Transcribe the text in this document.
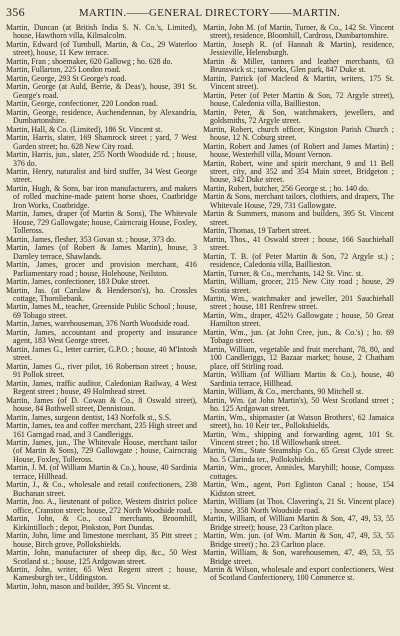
356	MARTIN.——GENERAL DIRECTORY——MARTIN.

Martin, Duncan (at British India S. N. Co.'s, Limited), house, Hawthorn villa, Kilmalcolm.

Martin, Edward (of Turnbull, Martin, & Co., 29 Waterloo street), house, 11 Kew terrace.

Martin, Fran ; shoemaker, 620 Gallowg ; ho. 628 do.

Martin, Fullarton, 225 London road.

Martin, George, 293 St George's road.

Martin, George (at Auld, Berrie, & Deas'), house, 391 St. George's road.

Martin, George, confectioner, 220 London road.

Martin, George, residence, Auchendennan, by Alexandria, Dumbartonshire.

Martin, Hall, & Co. (Limited), 186 St. Vincent st.

Martin, Harris, slater, 169 Shamrock street ; yard, 7 West Garden street; ho. 628 New City road.

Martin, Harris, jun., slater, 255 North Woodside rd. ; house, 376 do.

Martin, Henry, naturalist and bird stuffer, 34 West George street.

Martin, Hugh, & Sons, bar iron manufacturers, and makers of rolled machine-made patent horse shoes, Coatbridge Iron Works, Coatbridge.

Martin, James, draper (of Martin & Sons), The Whitevale House, 729 Gallowgate; house, Cairncraig House, Foxley, Tolleross.

Martin, James, flesher, 353 Govan st. ; house, 373 do.

Martin, James (of Robert & James Martin), house, 3 Darnley terrace, Shawlands.

Martin, James, grocer and provision merchant, 416 Parliamentary road ; house, Holehouse, Neilston.

Martin, James, confectioner, 183 Duke street.

Martin, Jas. (at Carslaw & Henderson's), ho. Crossles cottage, Thornliebank.

Martin, James M., teacher, Greenside Public School ; house, 69 Tobago street.

Martin, James, warehouseman, 376 North Woodside road.

Martin, James, accountant and property and insurance agent, 183 West George street.

Martin, James G., letter carrier, G.P.O. ; house, 40 M'Intosh street.

Martin, James G., river pilot, 16 Robertson street ; house, 91 Pollok street.

Martin, James, traffic auditor, Caledonian Railway, 4 West Regent street ; house, 49 Holmhead street.

Martin, James (of D. Cowan & Co., 8 Oswald street), house, 84 Bothwell street, Dennistoun.

Martin, James, surgeon dentist, 143 Norfolk st., S.S.

Martin, James, tea and coffee merchant, 235 High street and 161 Garngad road, and 3 Candleriggs.

Martin, James, jun., The Whitevale House, merchant tailor (of Martin & Sons), 729 Gallowgate ; house, Cairncraig House, Foxley, Tolleross.

Martin, J. M. (of William Martin & Co.), house, 40 Sardinia terrace, Hillhead.

Martin, J., & Co., wholesale and retail confectioners, 238 Buchanan street.

Martin, Jno. A., lieutenant of police, Western district police office, Cranston street; house, 272 North Woodside road.

Martin, John, & Co., coal merchants, Broomhill, Kirkintilloch ; depot, Pinkston, Port Dundas.

Martin, John, lime and limestone merchant, 35 Pitt street ; house, Birch grove, Pollokshields.

Martin, John, manufacturer of sheep dip, &c., 50 West Scotland st. ; house, 125 Ardgowan street.

Martin, John, writer, 65 West Regent street ; house, Kamesburgh ter., Uddingston.

Martin, John, mason and builder, 395 St. Vincent st.

Martin, John M. (of Martin, Turner, & Co., 142 St. Vincent street), residence, Bloomhill, Cardross, Dumbartonshire.

Martin, Joseph R. (of Hannah & Martin), residence, Jessieville, Helensburgh.

Martin & Miller, tanners and leather merchants, 63 Brunswick st.; tanworks, Glen park, 847 Duke st.

Martin, Patrick (of Macleod & Martin, writers, 175 St. Vincent street).

Martin, Peter (of Peter Martin & Son, 72 Argyle street), house, Caledonia villa, Baillieston.

Martin, Peter, & Son, watchmakers, jewellers, and goldsmiths, 72 Argyle street.

Martin, Robert, church officer, Kingston Parish Church ; house, 12 N. Coburg street.

Martin, Robert and James (of Robert and James Martin) ; house, Westerhill villa, Mount Vernon.

Martin, Robert, wine and spirit merchant, 9 and 11 Bell street, city, and 352 and 354 Main street, Bridgeton ; house, 342 Duke street.

Martin, Robert, butcher, 256 George st. ; ho. 140 do.

Martin & Sons, merchant tailors, clothiers, and drapers, The Whitevale House, 729, 731 Gallowgate.

Martin & Summers, masons and builders, 395 St. Vincent street.

Martin, Thomas, 19 Tarbert street.

Martin, Thos., 41 Oswald street ; house, 166 Sauchiehall street.

Martin, T. B. (of Peter Martin & Son, 72 Argyle st.) ; residence, Caledonia villa, Baillieston.

Martin, Turner, & Co., merchants, 142 St. Vinc. st.

Martin, William, grocer, 215 New City road ; house, 29 Scotia street.

Martin, Wm., watchmaker and jeweller, 201 Sauchiehall street ; house, 181 Renfrew street.

Martin, Wm., draper, 452½ Gallowgate ; house, 50 Great Hamilton street.

Martin, Wm., jun. (at John Cree, jun., & Co.'s) ; ho. 69 Tobago street.

Martin, William, vegetable and fruit merchant, 78, 80, and 100 Candleriggs, 12 Bazaar market; house, 2 Chatham place, off Stirling road.

Martin, William (of William Martin & Co.), house, 40 Sardinia terrace, Hillhead.

Martin, William, & Co., merchants, 90 Mitchell st.

Martin, Wm. (at John Martin's), 50 West Scotland street ; ho. 125 Ardgowan street.

Martin, Wm., shipmaster (at Watson Brothers', 62 Jamaica street), ho. 10 Keir ter., Pollokshields.

Martin, Wm., shipping and forwarding agent, 101 St. Vincent street ; ho. 18 Willowbank street.

Martin, Wm., State Steamship Co., 65 Great Clyde street: ho. 5 Clarinda ter., Pollokshields.

Martin, Wm., grocer, Annisles, Maryhill; house, Compass cottages.

Martin, Wm., agent, Port Eglinton Canal ; house, 154 Kidston street.

Martin, William (at Thos. Clavering's, 21 St. Vincent place) ; house, 358 North Woodside road.

Martin, William, of William Martin & Son, 47, 49, 53, 55 Bridge street); house, 23 Carlton place.

Martin, Wm. jun. (of Wm. Martin & Son, 47, 49, 53, 55 Bridge street) ; ho. 23 Carlton place.

Martin, William, & Son, warehousemen, 47, 49, 53, 55 Bridge street.

Martin & Wilson, wholesale and export confectioners, West of Scotland Confectionery, 100 Commerce st.
